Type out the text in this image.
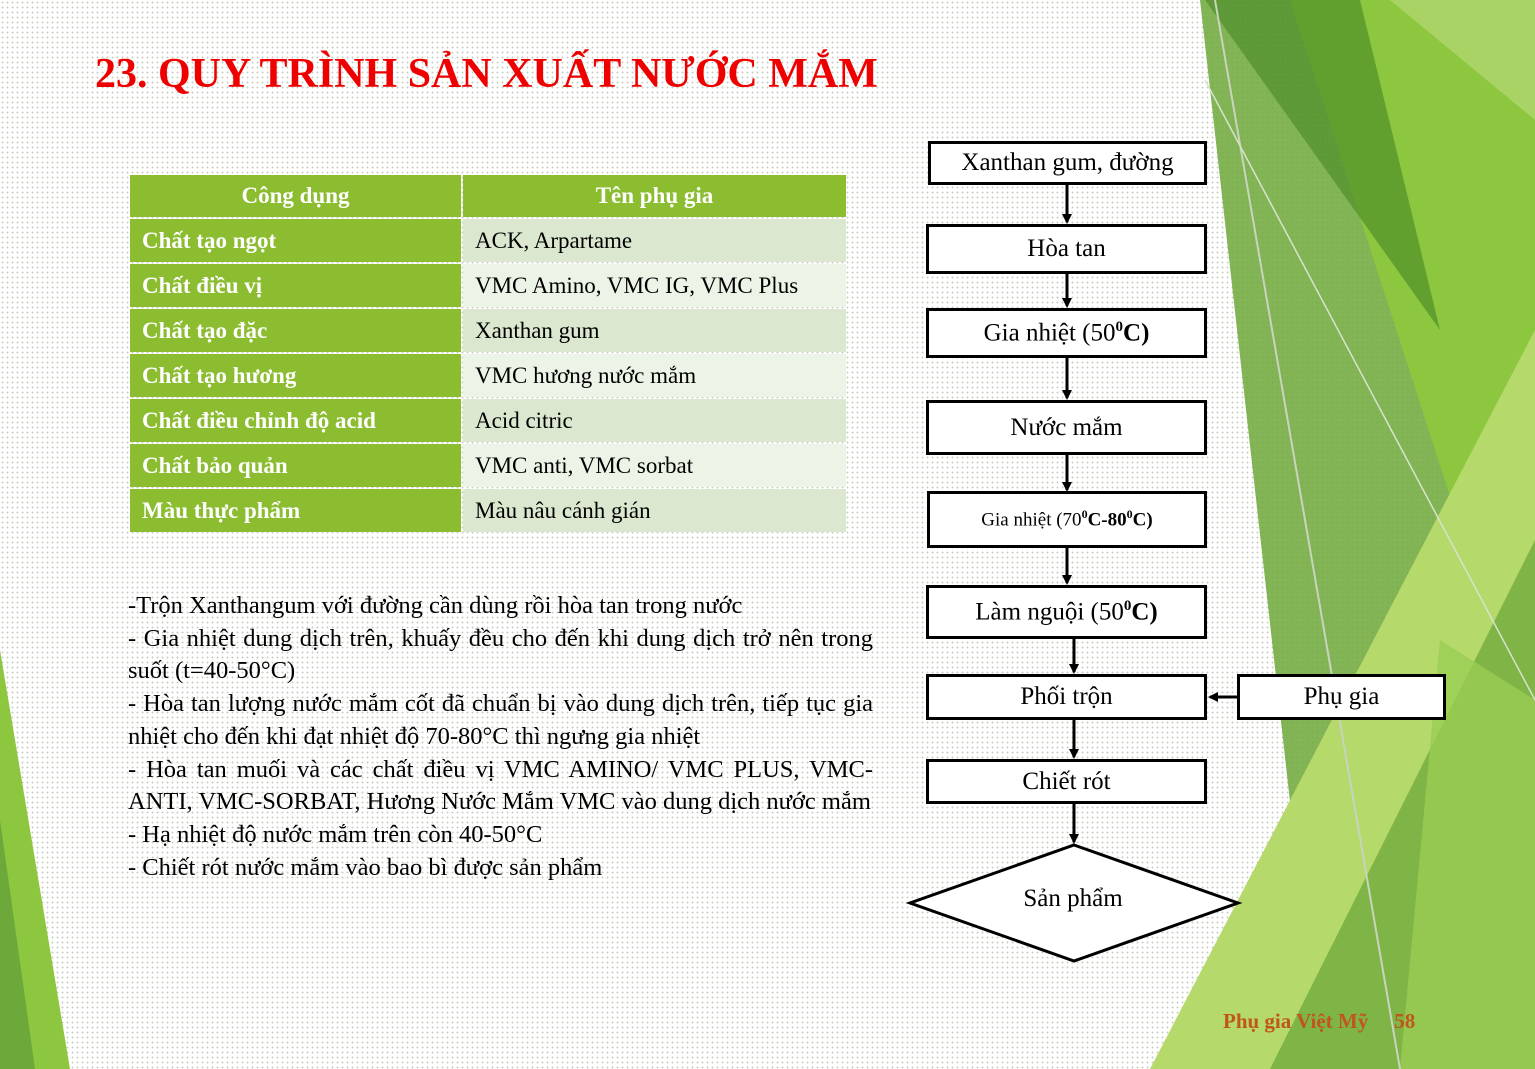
23. QUY TRÌNH SẢN XUẤT NƯỚC MẮM
Công dụng	Tên phụ gia
Chất tạo ngọt	ACK, Arpartame
Chất điều vị	VMC Amino, VMC IG, VMC Plus
Chất tạo đặc	Xanthan gum
Chất tạo hương	VMC hương nước mắm
Chất điều chỉnh độ acid	Acid citric
Chất bảo quản	VMC anti, VMC sorbat
Màu thực phẩm	Màu nâu cánh gián

-Trộn Xanthangum với đường cần dùng rồi hòa tan trong nước

- Gia nhiệt dung dịch trên, khuấy đều cho đến khi dung dịch trở nên trong suốt (t=40-50°C)

- Hòa tan lượng nước mắm cốt đã chuẩn bị vào dung dịch trên, tiếp tục gia nhiệt cho đến khi đạt nhiệt độ 70-80°C thì ngưng gia nhiệt

- Hòa tan muối và các chất điều vị VMC AMINO/ VMC PLUS, VMC-ANTI, VMC-SORBAT, Hương Nước Mắm VMC vào dung dịch nước mắm

- Hạ nhiệt độ nước mắm trên còn 40-50°C

- Chiết rót nước mắm vào bao bì được sản phẩm

Xanthan gum, đường
Hòa tan
Gia nhiệt $(50^0C)$
Nước mắm
Gia nhiệt $(70^0C-80^0C)$
Làm nguội $(50^0C)$
Phối trộn	Phụ gia
Chiết rót
Sản phẩm
Phụ gia Việt Mỹ 58
